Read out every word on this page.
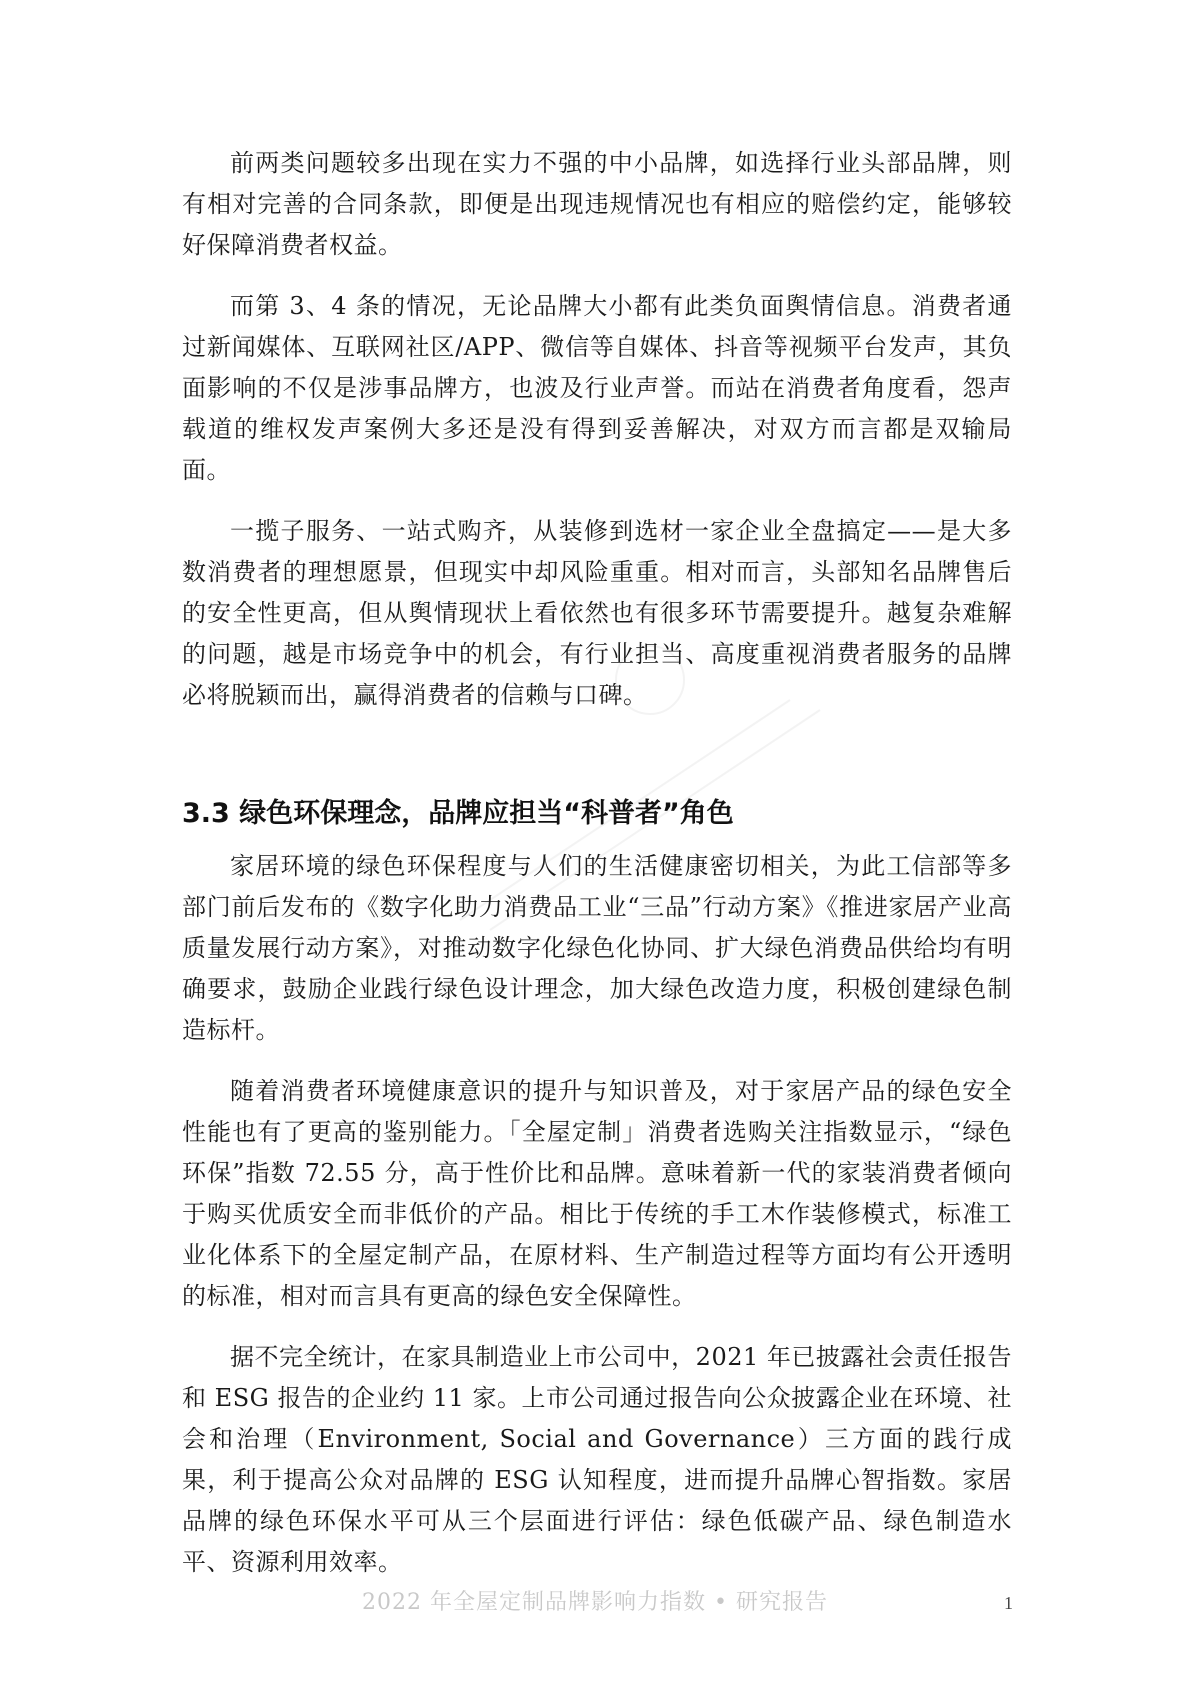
前两类问题较多出现在实力不强的中小品牌，如选择行业头部品牌，则有相对完善的合同条款，即便是出现违规情况也有相应的赔偿约定，能够较好保障消费者权益。

而第 3、4 条的情况，无论品牌大小都有此类负面舆情信息。消费者通过新闻媒体、互联网社区/APP、微信等自媒体、抖音等视频平台发声，其负面影响的不仅是涉事品牌方，也波及行业声誉。而站在消费者角度看，怨声载道的维权发声案例大多还是没有得到妥善解决，对双方而言都是双输局面。

一揽子服务、一站式购齐，从装修到选材一家企业全盘搞定——是大多数消费者的理想愿景，但现实中却风险重重。相对而言，头部知名品牌售后的安全性更高，但从舆情现状上看依然也有很多环节需要提升。越复杂难解的问题，越是市场竞争中的机会，有行业担当、高度重视消费者服务的品牌必将脱颖而出，赢得消费者的信赖与口碑。

3.3 绿色环保理念，品牌应担当“科普者”角色

家居环境的绿色环保程度与人们的生活健康密切相关，为此工信部等多部门前后发布的《数字化助力消费品工业“三品”行动方案》《推进家居产业高质量发展行动方案》，对推动数字化绿色化协同、扩大绿色消费品供给均有明确要求，鼓励企业践行绿色设计理念，加大绿色改造力度，积极创建绿色制造标杆。

随着消费者环境健康意识的提升与知识普及，对于家居产品的绿色安全性能也有了更高的鉴别能力。「全屋定制」消费者选购关注指数显示，“绿色环保”指数 72.55 分，高于性价比和品牌。意味着新一代的家装消费者倾向于购买优质安全而非低价的产品。相比于传统的手工木作装修模式，标准工业化体系下的全屋定制产品，在原材料、生产制造过程等方面均有公开透明的标准，相对而言具有更高的绿色安全保障性。

据不完全统计，在家具制造业上市公司中，2021 年已披露社会责任报告和 ESG 报告的企业约 11 家。上市公司通过报告向公众披露企业在环境、社会和治理（Environment, Social and Governance）三方面的践行成果，利于提高公众对品牌的 ESG 认知程度，进而提升品牌心智指数。家居品牌的绿色环保水平可从三个层面进行评估：绿色低碳产品、绿色制造水平、资源利用效率。

2022 年全屋定制品牌影响力指数 • 研究报告	1
